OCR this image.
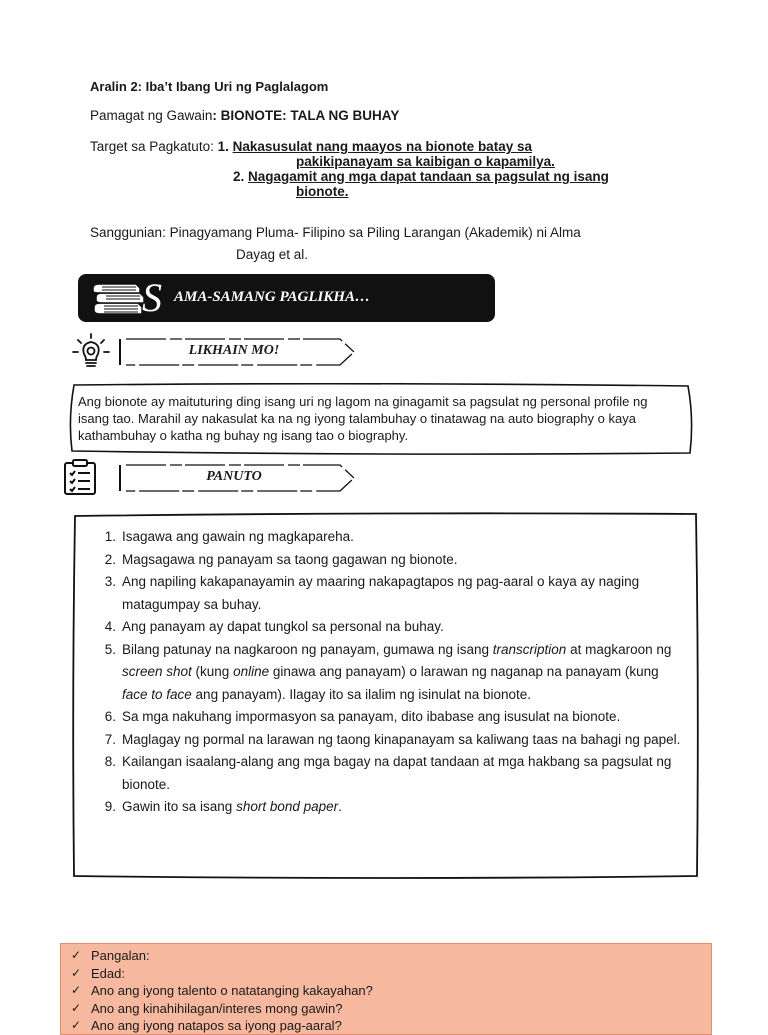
Aralin 2: Iba’t Ibang Uri ng Paglalagom
Pamagat ng Gawain: BIONOTE: TALA NG BUHAY
Target sa Pagkatuto: 1. Nakasusulat nang maayos na bionote batay sa
pakikipanayam sa kaibigan o kapamilya.
2. Nagagamit ang mga dapat tandaan sa pagsulat ng isang
bionote.
Sanggunian: Pinagyamang Pluma- Filipino sa Piling Larangan (Akademik) ni Alma
Dayag et al.
S AMA-SAMANG PAGLIKHA…
LIKHAIN MO!
Ang bionote ay maituturing ding isang uri ng lagom na ginagamit sa pagsulat ng personal profile ng isang tao. Marahil ay nakasulat ka na ng iyong talambuhay o tinatawag na auto biography o kaya kathambuhay o katha ng buhay ng isang tao o biography.
PANUTO
1. Isagawa ang gawain ng magkapareha.
2. Magsagawa ng panayam sa taong gagawan ng bionote.
3. Ang napiling kakapanayamin ay maaring nakapagtapos ng pag-aaral o kaya ay naging matagumpay sa buhay.
4. Ang panayam ay dapat tungkol sa personal na buhay.
5. Bilang patunay na nagkaroon ng panayam, gumawa ng isang transcription at magkaroon ng screen shot (kung online ginawa ang panayam) o larawan ng naganap na panayam (kung face to face ang panayam). Ilagay ito sa ilalim ng isinulat na bionote.
6. Sa mga nakuhang impormasyon sa panayam, dito ibabase ang isusulat na bionote.
7. Maglagay ng pormal na larawan ng taong kinapanayam sa kaliwang taas na bahagi ng papel.
8. Kailangan isaalang-alang ang mga bagay na dapat tandaan at mga hakbang sa pagsulat ng bionote.
9. Gawin ito sa isang short bond paper.
✓ Pangalan:
✓ Edad:
✓ Ano ang iyong talento o natatanging kakayahan?
✓ Ano ang kinahihilagan/interes mong gawin?
✓ Ano ang iyong natapos sa iyong pag-aaral?
